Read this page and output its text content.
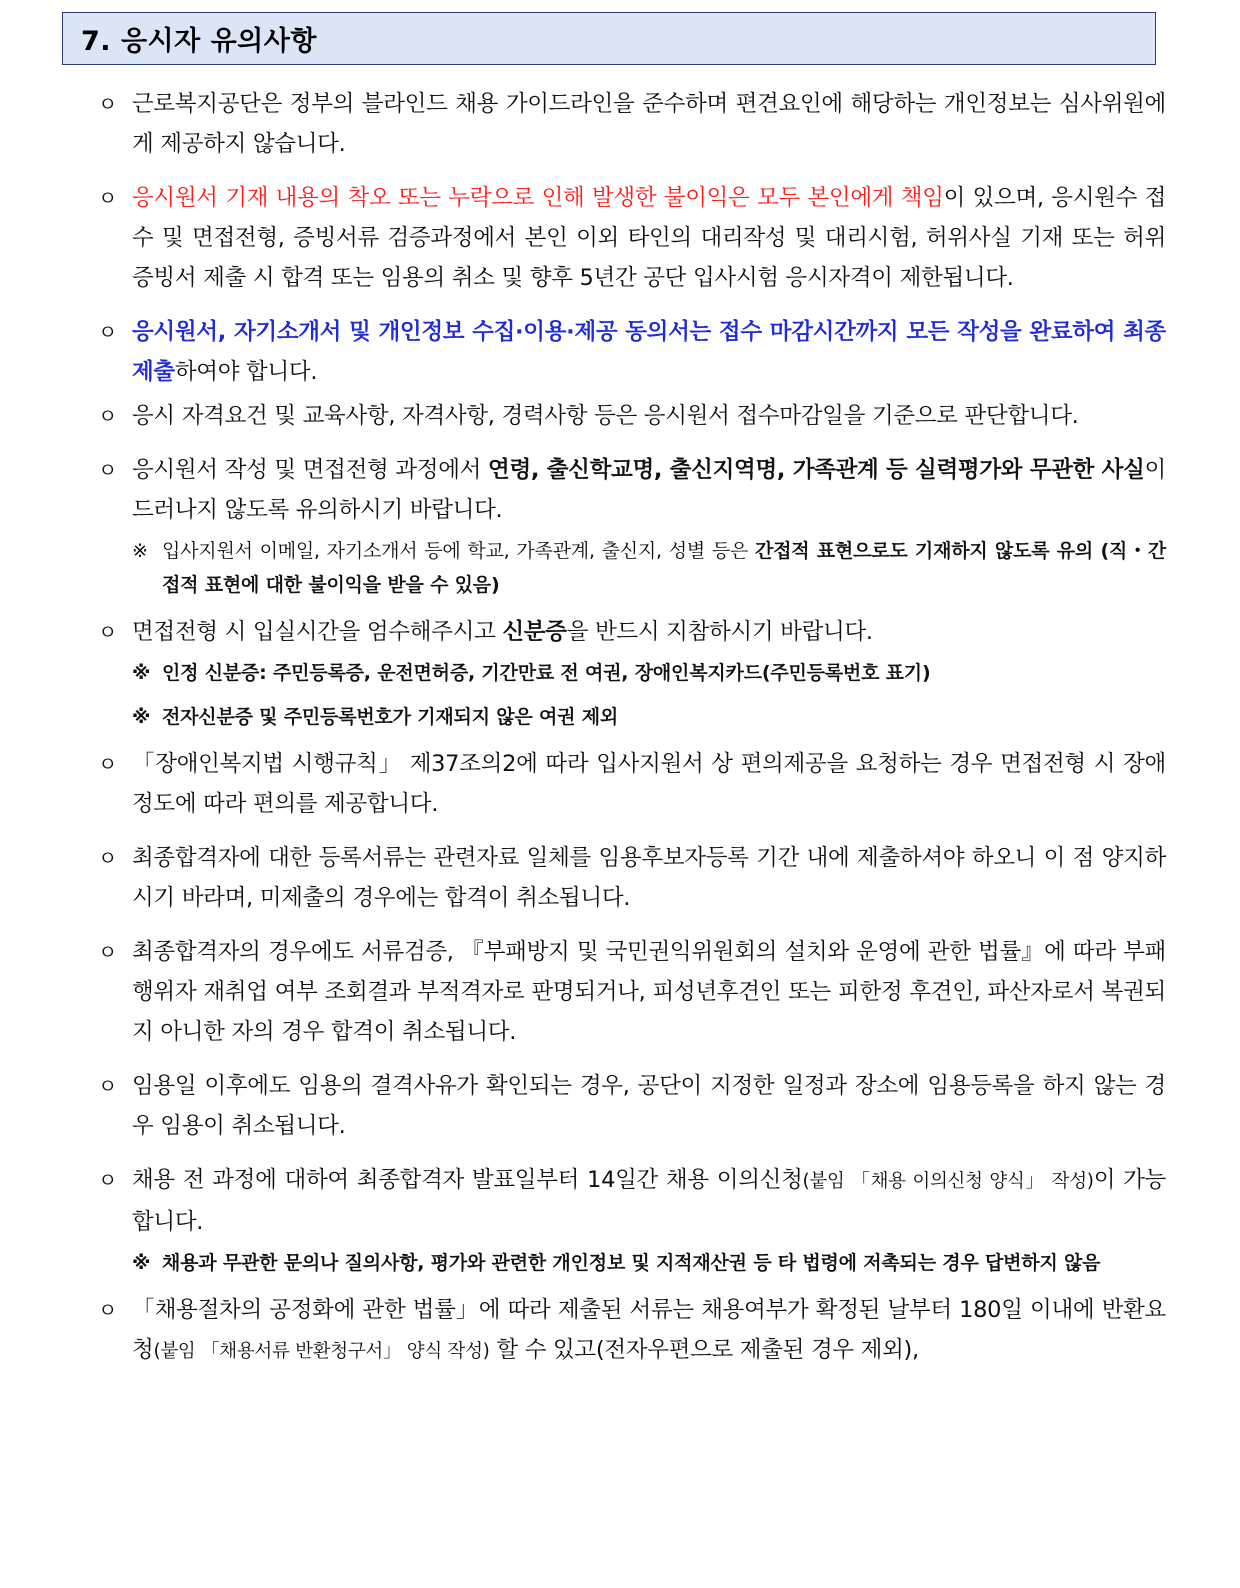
7. 응시자 유의사항
ㅇ 근로복지공단은 정부의 블라인드 채용 가이드라인을 준수하며 편견요인에 해당하는 개인정보는 심사위원에게 제공하지 않습니다.
ㅇ 응시원서 기재 내용의 착오 또는 누락으로 인해 발생한 불이익은 모두 본인에게 책임이 있으며, 응시원수 접수 및 면접전형, 증빙서류 검증과정에서 본인 이외 타인의 대리작성 및 대리시험, 허위사실 기재 또는 허위 증빙서 제출 시 합격 또는 임용의 취소 및 향후 5년간 공단 입사시험 응시자격이 제한됩니다.
ㅇ 응시원서, 자기소개서 및 개인정보 수집·이용·제공 동의서는 접수 마감시간까지 모든 작성을 완료하여 최종 제출하여야 합니다.
ㅇ 응시 자격요건 및 교육사항, 자격사항, 경력사항 등은 응시원서 접수마감일을 기준으로 판단합니다.
ㅇ 응시원서 작성 및 면접전형 과정에서 연령, 출신학교명, 출신지역명, 가족관계 등 실력평가와 무관한 사실이 드러나지 않도록 유의하시기 바랍니다.
※ 입사지원서 이메일, 자기소개서 등에 학교, 가족관계, 출신지, 성별 등은 간접적 표현으로도 기재하지 않도록 유의 (직・간접적 표현에 대한 불이익을 받을 수 있음)
ㅇ 면접전형 시 입실시간을 엄수해주시고 신분증을 반드시 지참하시기 바랍니다.
※ 인정 신분증: 주민등록증, 운전면허증, 기간만료 전 여권, 장애인복지카드(주민등록번호 표기)
※ 전자신분증 및 주민등록번호가 기재되지 않은 여권 제외
ㅇ 「장애인복지법 시행규칙」 제37조의2에 따라 입사지원서 상 편의제공을 요청하는 경우 면접전형 시 장애정도에 따라 편의를 제공합니다.
ㅇ 최종합격자에 대한 등록서류는 관련자료 일체를 임용후보자등록 기간 내에 제출하셔야 하오니 이 점 양지하시기 바라며, 미제출의 경우에는 합격이 취소됩니다.
ㅇ 최종합격자의 경우에도 서류검증, 『부패방지 및 국민권익위원회의 설치와 운영에 관한 법률』에 따라 부패행위자 재취업 여부 조회결과 부적격자로 판명되거나, 피성년후견인 또는 피한정 후견인, 파산자로서 복권되지 아니한 자의 경우 합격이 취소됩니다.
ㅇ 임용일 이후에도 임용의 결격사유가 확인되는 경우, 공단이 지정한 일정과 장소에 임용등록을 하지 않는 경우 임용이 취소됩니다.
ㅇ 채용 전 과정에 대하여 최종합격자 발표일부터 14일간 채용 이의신청(붙임 「채용 이의신청 양식」 작성)이 가능합니다.
※ 채용과 무관한 문의나 질의사항, 평가와 관련한 개인정보 및 지적재산권 등 타 법령에 저촉되는 경우 답변하지 않음
ㅇ 「채용절차의 공정화에 관한 법률」에 따라 제출된 서류는 채용여부가 확정된 날부터 180일 이내에 반환요청(붙임 「채용서류 반환청구서」 양식 작성) 할 수 있고(전자우편으로 제출된 경우 제외),
